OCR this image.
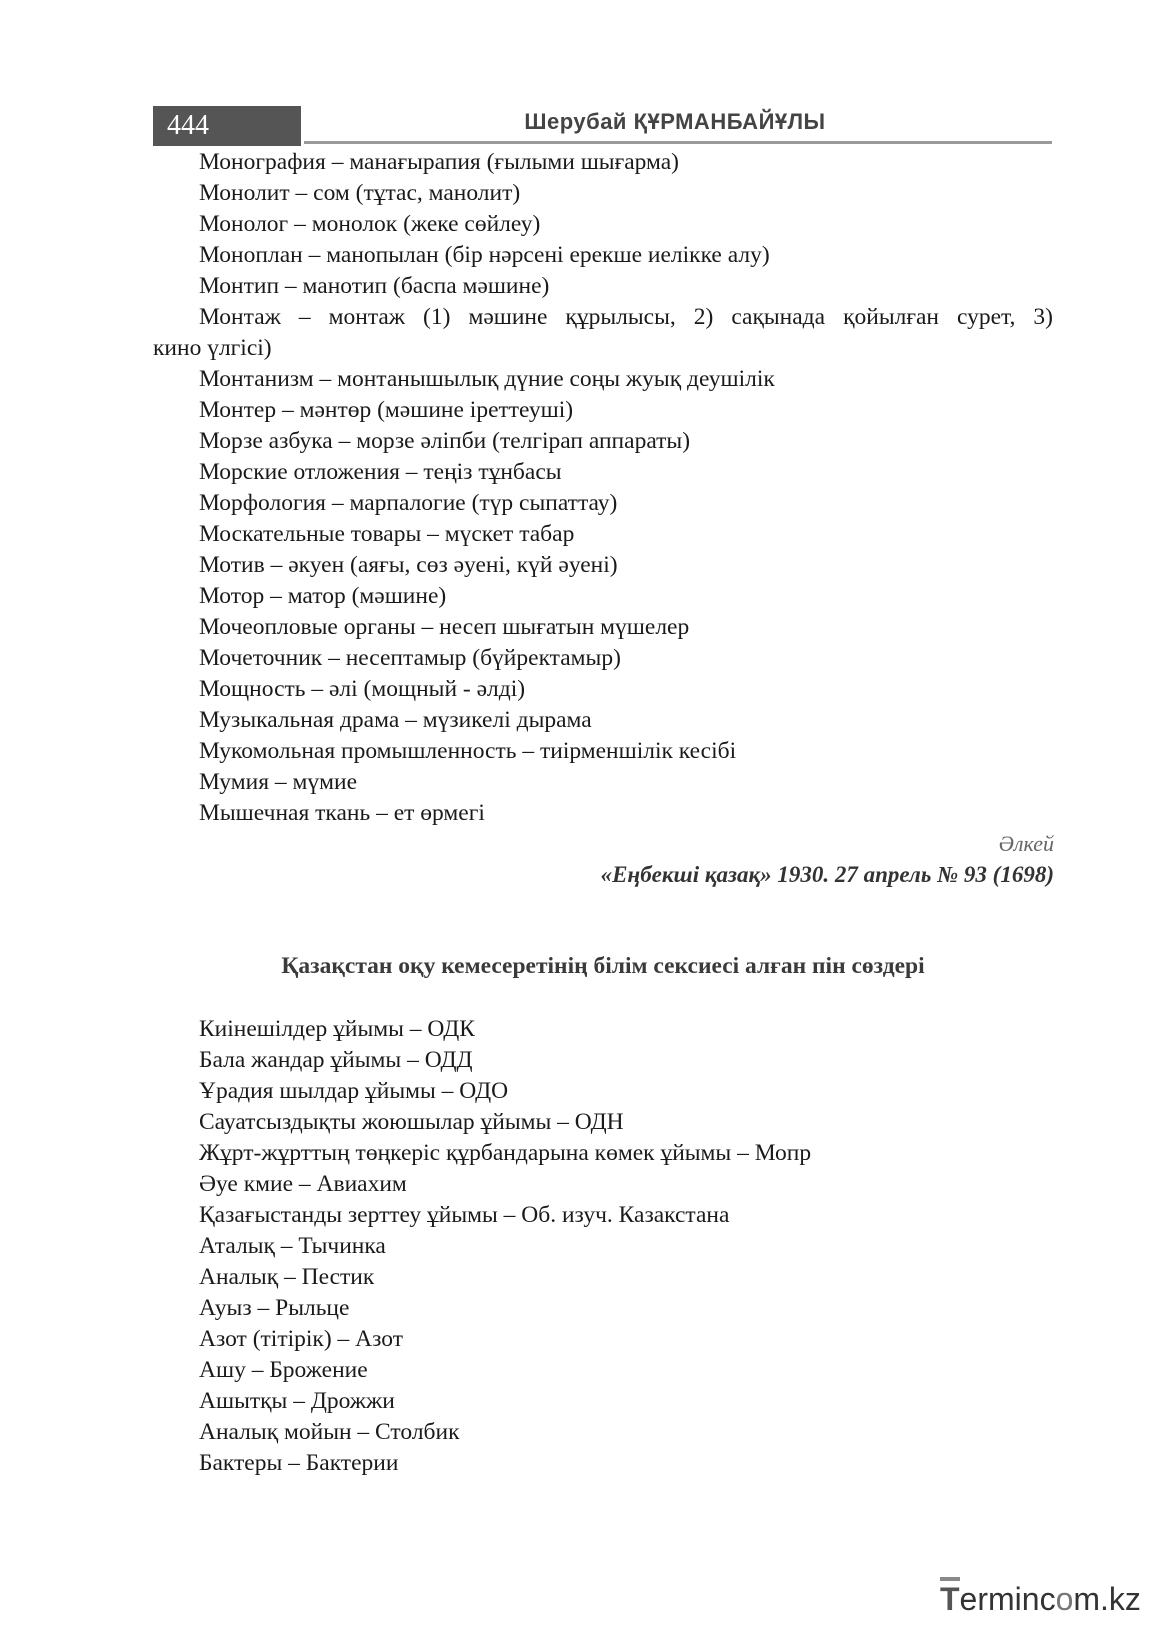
444	Шерубай ҚҰРМАНБАЙҰЛЫ

Монография – манағырапия (ғылыми шығарма)

Монолит – сом (тұтас, манолит)

Монолог – монолок (жеке сөйлеу)

Моноплан – манопылан (бір нәрсені ерекше иелікке алу)

Монтип – манотип (баспа мәшине)

Монтаж – монтаж (1) мәшине құрылысы, 2) сақынада қойылған сурет, 3)

кино үлгісі)

Монтанизм – монтанышылық дүние соңы жуық деушілік

Монтер – мәнтөр (мәшине іреттеуші)

Морзе азбука – морзе әліпби (телгірап аппараты)

Морские отложения – теңіз тұнбасы

Морфология – марпалогие (түр сыпаттау)

Москательные товары – мүскет табар

Мотив – әкуен (аяғы, сөз әуені, күй әуені)

Мотор – матор (мәшине)

Мочеопловые органы – несеп шығатын мүшелер

Мочеточник – несептамыр (бүйректамыр)

Мощность – әлі (мощный - әлді)

Музыкальная драма – мүзикелі дырама

Мукомольная промышленность – тиірменшілік кесібі

Мумия – мүмие

Мышечная ткань – ет өрмегі

Әлкей
«Еңбекші қазақ» 1930. 27 апрель № 93 (1698)
Қазақстан оқу кемесеретінің білім сексиесі алған пін сөздері

Киінешілдер ұйымы – ОДК

Бала жандар ұйымы – ОДД

Ұрадия шылдар ұйымы – ОДО

Сауатсыздықты жоюшылар ұйымы – ОДН

Жұрт-жұрттың төңкеріс құрбандарына көмек ұйымы – Мопр

Әуе кмие – Авиахим

Қазағыстанды зерттеу ұйымы – Об. изуч. Казакстана

Аталық – Тычинка

Аналық – Пестик

Ауыз – Рыльце

Азот (тітірік) – Азот

Ашу – Брожение

Ашытқы – Дрожжи

Аналық мойын – Столбик

Бактеры – Бактерии

Termincom.kz
